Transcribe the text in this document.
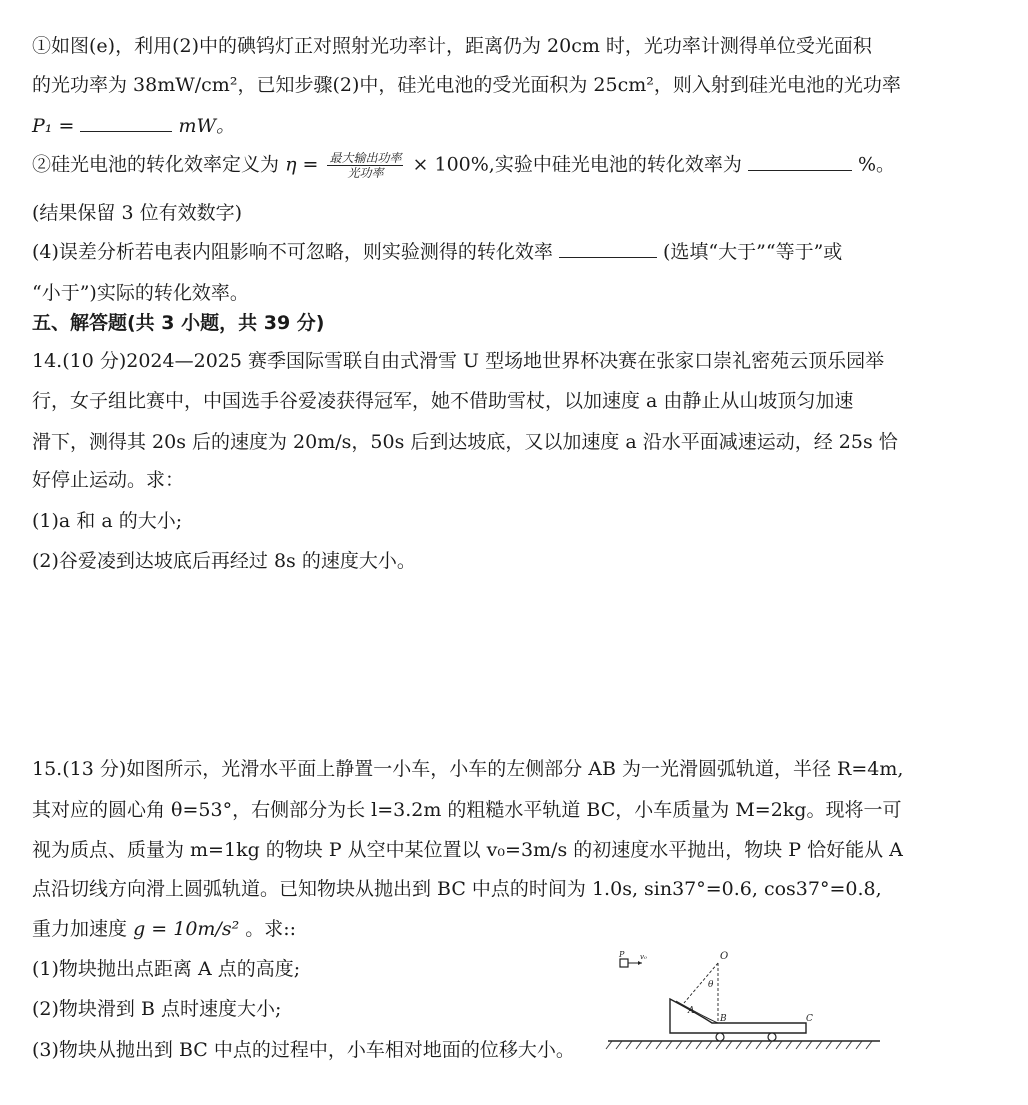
①如图(e)，利用(2)中的碘钨灯正对照射光功率计，距离仍为 20cm 时，光功率计测得单位受光面积
的光功率为 38mW/cm²，已知步骤(2)中，硅光电池的受光面积为 25cm²，则入射到硅光电池的光功率
P₁ =	mW。
②硅光电池的转化效率定义为 $\eta = \frac{\text{最大输出功率}}{\text{光功率}} \times 100\%$,实验中硅光电池的转化效率为	%。
(结果保留 3 位有效数字)
(4)误差分析若电表内阻影响不可忽略，则实验测得的转化效率	(选填“大于”“等于”或
“小于”)实际的转化效率。
五、解答题(共 3 小题，共 39 分)
14.(10 分)2024—2025 赛季国际雪联自由式滑雪 U 型场地世界杯决赛在张家口崇礼密苑云顶乐园举
行，女子组比赛中，中国选手谷爱凌获得冠军，她不借助雪杖，以加速度 a 由静止从山坡顶匀加速
滑下，测得其 20s 后的速度为 20m/s，50s 后到达坡底，又以加速度 a 沿水平面减速运动，经 25s 恰
好停止运动。求：
(1)a 和 a 的大小;
(2)谷爱凌到达坡底后再经过 8s 的速度大小。
15.(13 分)如图所示，光滑水平面上静置一小车，小车的左侧部分 AB 为一光滑圆弧轨道，半径 R=4m,
其对应的圆心角 θ=53°，右侧部分为长 l=3.2m 的粗糙水平轨道 BC，小车质量为 M=2kg。现将一可
视为质点、质量为 m=1kg 的物块 P 从空中某位置以 v₀=3m/s 的初速度水平抛出，物块 P 恰好能从 A
点沿切线方向滑上圆弧轨道。已知物块从抛出到 BC 中点的时间为 1.0s, sin37°=0.6, cos37°=0.8,
重力加速度 g = 10m/s² 。求::
(1)物块抛出点距离 A 点的高度;
(2)物块滑到 B 点时速度大小;
P v₀	O
θ
A
B	C
(3)物块从抛出到 BC 中点的过程中，小车相对地面的位移大小。
